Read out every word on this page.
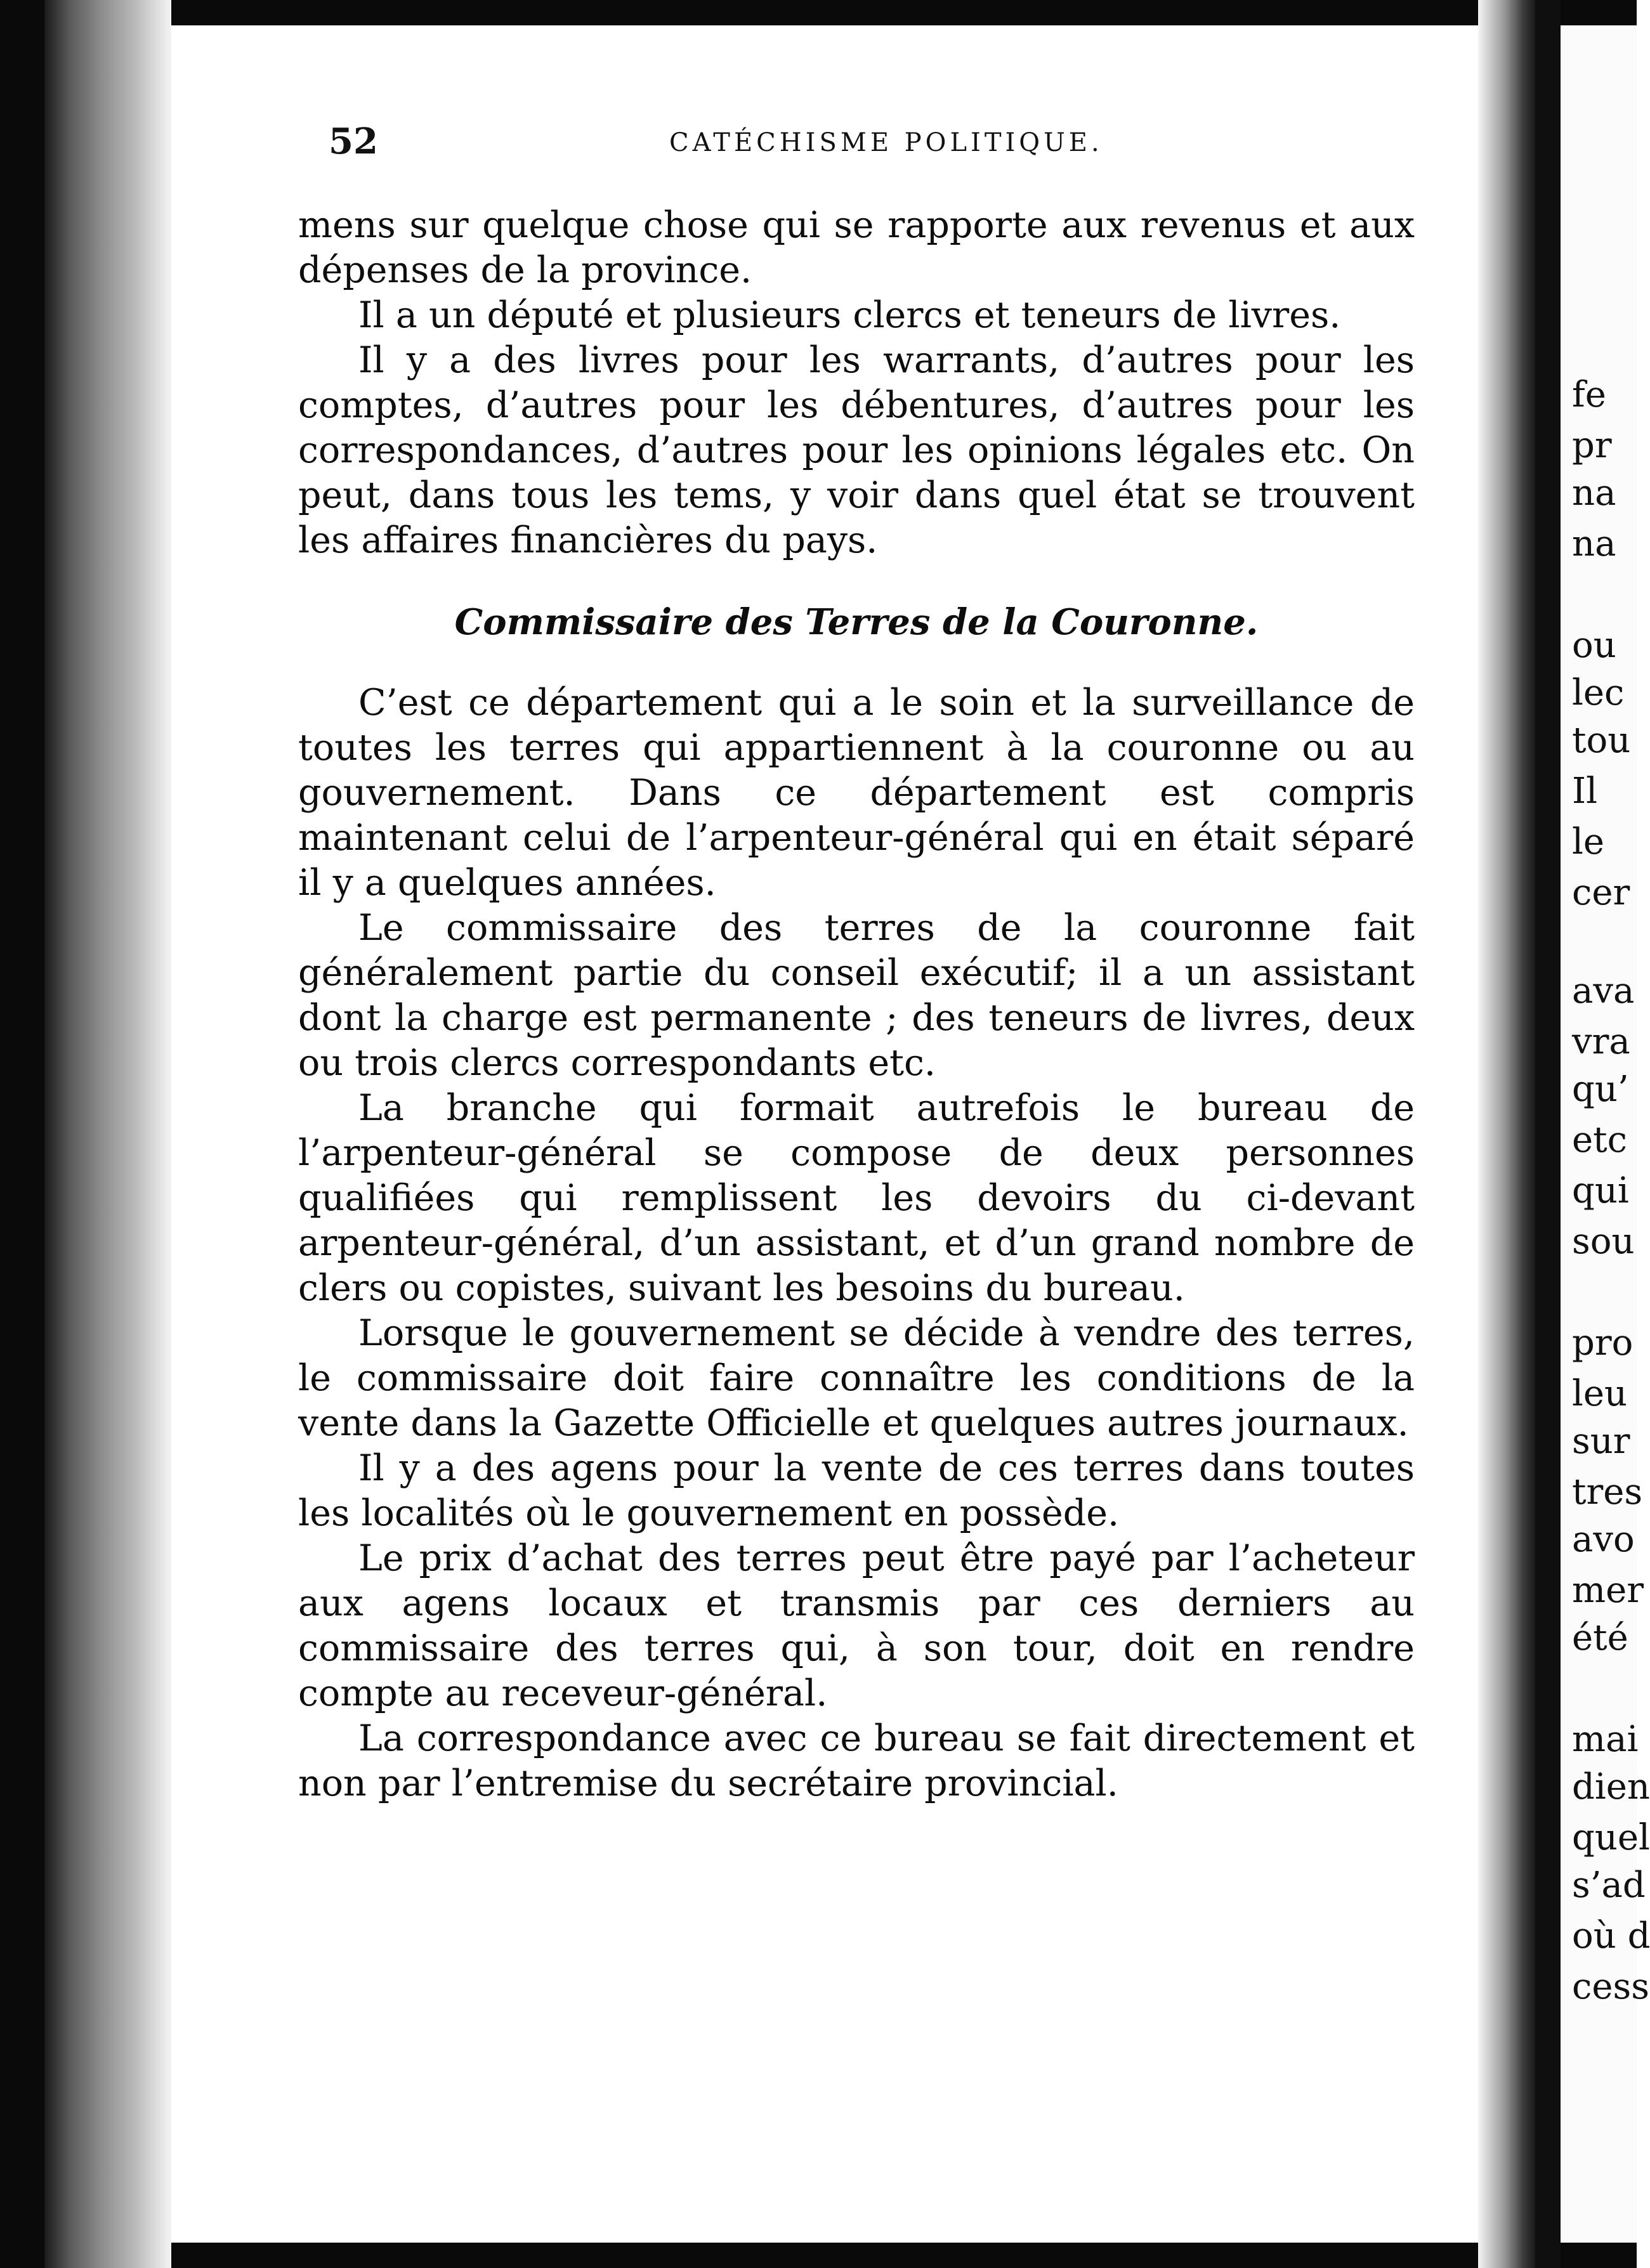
52	CATÉCHISME POLITIQUE.

mens sur quelque chose qui se rapporte aux revenus et aux dépenses de la province.

Il a un député et plusieurs clercs et teneurs de livres.

Il y a des livres pour les warrants, d’autres pour les comptes, d’autres pour les débentures, d’autres pour les correspondances, d’autres pour les opinions légales etc. On peut, dans tous les tems, y voir dans quel état se trouvent les affaires financières du pays.

Commissaire des Terres de la Couronne.

C’est ce département qui a le soin et la surveillance de toutes les terres qui appartiennent à la couronne ou au gouvernement. Dans ce département est compris maintenant celui de l’arpenteur-général qui en était séparé il y a quelques années.

Le commissaire des terres de la couronne fait généralement partie du conseil exécutif; il a un assistant dont la charge est permanente ; des teneurs de livres, deux ou trois clercs correspondants etc.

La branche qui formait autrefois le bureau de l’arpenteur-général se compose de deux personnes qualifiées qui remplissent les devoirs du ci-devant arpenteur-général, d’un assistant, et d’un grand nombre de clers ou copistes, suivant les besoins du bureau.

Lorsque le gouvernement se décide à vendre des terres, le commissaire doit faire connaître les conditions de la vente dans la Gazette Officielle et quelques autres journaux.

Il y a des agens pour la vente de ces terres dans toutes les localités où le gouvernement en possède.

Le prix d’achat des terres peut être payé par l’acheteur aux agens locaux et transmis par ces derniers au commissaire des terres qui, à son tour, doit en rendre compte au receveur-général.

La correspondance avec ce bureau se fait directement et non par l’entremise du secrétaire provincial.

fe
pr
na
na
ou
lec
tou
Il
le
cer
ava
vra
qu’
etc
qui
sou
pro
leu
sur
tres
avo
mer
été
mai
dien
quel
s’ad
où d
cess
